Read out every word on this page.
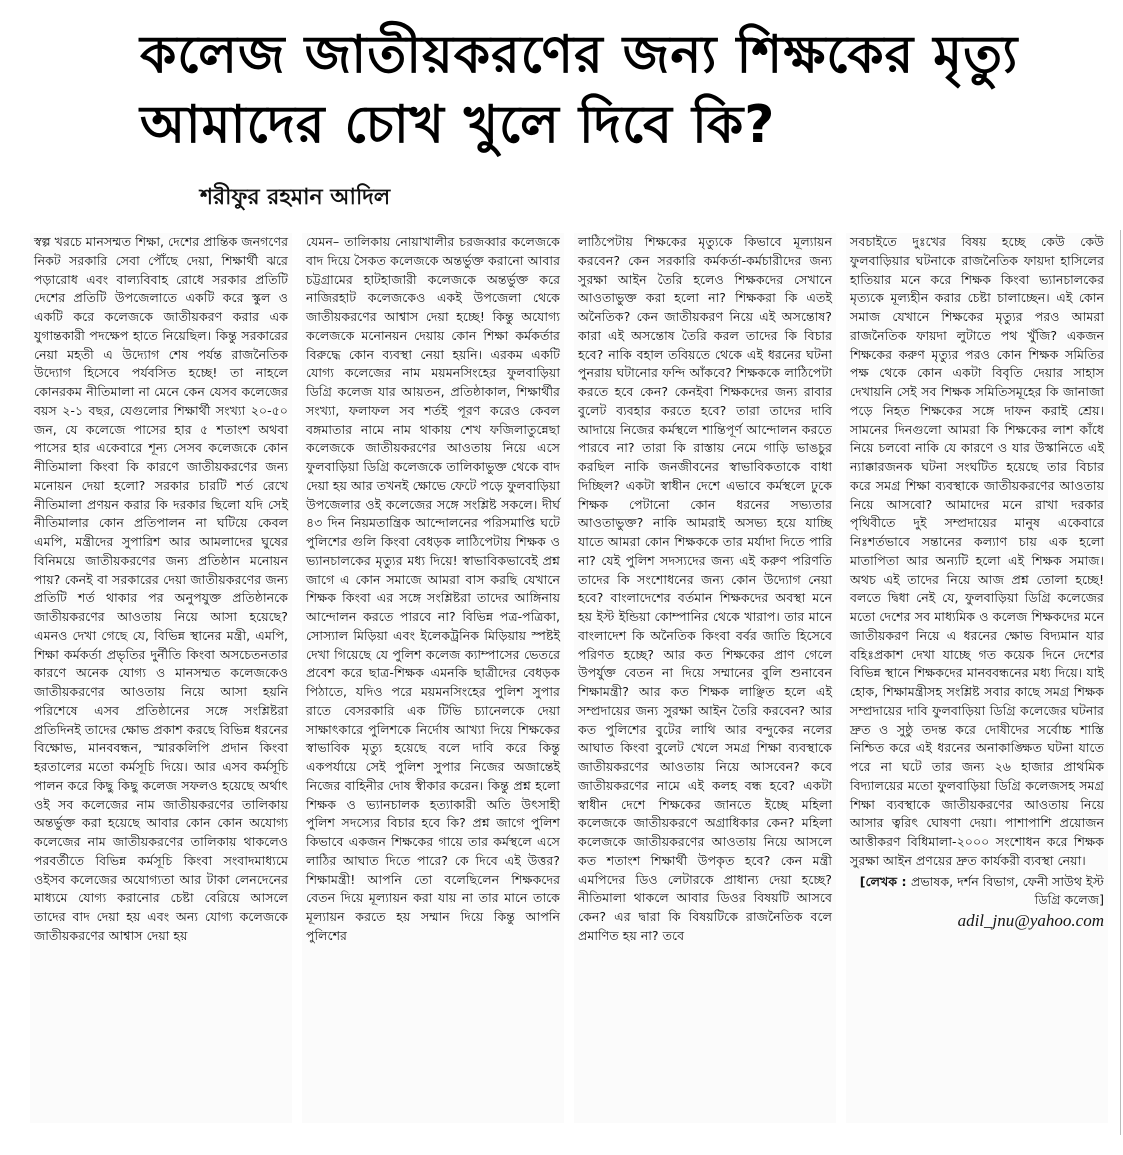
কলেজ জাতীয়করণের জন্য শিক্ষকের মৃত্যু
আমাদের চোখ খুলে দিবে কি?
শরীফুর রহমান আদিল

স্বল্প খরচে মানসম্মত শিক্ষা, দেশের প্রান্তিক জনগণের নিকট সরকারি সেবা পৌঁছে দেয়া, শিক্ষার্থী ঝরে পড়ারোধ এবং বাল্যবিবাহ রোধে সরকার প্রতিটি দেশের প্রতিটি উপজেলাতে একটি করে স্কুল ও একটি করে কলেজকে জাতীয়করণ করার এক যুগান্তকারী পদক্ষেপ হাতে নিয়েছিল। কিন্তু সরকারের নেয়া মহতী এ উদ্যোগ শেষ পর্যন্ত রাজনৈতিক উদ্যোগ হিসেবে পর্যবসিত হচ্ছে! তা নাহলে কোনরকম নীতিমালা না মেনে কেন যেসব কলেজের বয়স ২-১ বছর, যেগুলোর শিক্ষার্থী সংখ্যা ২০-৫০ জন, যে কলেজে পাসের হার ৫ শতাংশ অথবা পাসের হার একেবারে শূন্য সেসব কলেজকে কোন নীতিমালা কিংবা কি কারণে জাতীয়করণের জন্য মনোয়ন দেয়া হলো? সরকার চারটি শর্ত রেখে নীতিমালা প্রণয়ন করার কি দরকার ছিলো যদি সেই নীতিমালার কোন প্রতিপালন না ঘটিয়ে কেবল এমপি, মন্ত্রীদের সুপারিশ আর আমলাদের ঘুষের বিনিময়ে জাতীয়করণের জন্য প্রতিষ্ঠান মনোয়ন পায়? কেনই বা সরকারের দেয়া জাতীয়করণের জন্য প্রতিটি শর্ত থাকার পর অনুপযুক্ত প্রতিষ্ঠানকে জাতীয়করণের আওতায় নিয়ে আসা হয়েছে? এমনও দেখা গেছে যে, বিভিন্ন স্থানের মন্ত্রী, এমপি, শিক্ষা কর্মকর্তা প্রভৃতির দুর্নীতি কিংবা অসচেতনতার কারণে অনেক যোগ্য ও মানসম্মত কলেজকেও জাতীয়করণের আওতায় নিয়ে আসা হয়নি পরিশেষে এসব প্রতিষ্ঠানের সঙ্গে সংশ্লিষ্টরা প্রতিদিনই তাদের ক্ষোভ প্রকাশ করছে বিভিন্ন ধরনের বিক্ষোভ, মানববন্ধন, স্মারকলিপি প্রদান কিংবা হরতালের মতো কর্মসূচি দিয়ে। আর এসব কর্মসূচি পালন করে কিছু কিছু কলেজ সফলও হয়েছে অর্থাৎ ওই সব কলেজের নাম জাতীয়করণের তালিকায় অন্তর্ভুক্ত করা হয়েছে আবার কোন কোন অযোগ্য কলেজের নাম জাতীয়করণের তালিকায় থাকলেও পরবর্তীতে বিভিন্ন কর্মসূচি কিংবা সংবাদমাধ্যমে ওইসব কলেজের অযোগ্যতা আর টাকা লেনদেনের মাধ্যমে যোগ্য করানোর চেষ্টা বেরিয়ে আসলে তাদের বাদ দেয়া হয় এবং অন্য যোগ্য কলেজকে জাতীয়করণের আশ্বাস দেয়া হয়

যেমন– তালিকায় নোয়াখালীর চরজব্বার কলেজকে বাদ দিয়ে সৈকত কলেজকে অন্তর্ভুক্ত করানো আবার চট্টগ্রামের হাটহাজারী কলেজকে অন্তর্ভুক্ত করে নাজিরহাট কলেজকেও একই উপজেলা থেকে জাতীয়করণের আশ্বাস দেয়া হচ্ছে! কিন্তু অযোগ্য কলেজকে মনোনয়ন দেয়ায় কোন শিক্ষা কর্মকর্তার বিরুদ্ধে কোন ব্যবস্থা নেয়া হয়নি। এরকম একটি যোগ্য কলেজের নাম ময়মনসিংহের ফুলবাড়িয়া ডিগ্রি কলেজ যার আয়তন, প্রতিষ্ঠাকাল, শিক্ষার্থীর সংখ্যা, ফলাফল সব শর্তই পূরণ করেও কেবল বঙ্গমাতার নামে নাম থাকায় শেখ ফজিলাতুন্নেছা কলেজকে জাতীয়করণের আওতায় নিয়ে এসে ফুলবাড়িয়া ডিগ্রি কলেজকে তালিকাভুক্ত থেকে বাদ দেয়া হয় আর তখনই ক্ষোভে ফেটে পড়ে ফুলবাড়িয়া উপজেলার ওই কলেজের সঙ্গে সংশ্লিষ্ট সকলে। দীর্ঘ ৪৩ দিন নিয়মতান্ত্রিক আন্দোলনের পরিসমাপ্তি ঘটে পুলিশের গুলি কিংবা বেধড়ক লাঠিপেটায় শিক্ষক ও ভ্যানচালকের মৃত্যুর মধ্য দিয়ে! স্বাভাবিকভাবেই প্রশ্ন জাগে এ কোন সমাজে আমরা বাস করছি যেখানে শিক্ষক কিংবা এর সঙ্গে সংশ্লিষ্টরা তাদের আঙ্গিনায় আন্দোলন করতে পারবে না? বিভিন্ন পত্র-পত্রিকা, সোস্যাল মিড়িয়া এবং ইলেকট্রনিক মিড়িয়ায় স্পষ্টই দেখা গিয়েছে যে পুলিশ কলেজ ক্যাম্পাসের ভেতরে প্রবেশ করে ছাত্র-শিক্ষক এমনকি ছাত্রীদের বেধড়ক পিঠাতে, যদিও পরে ময়মনসিংহের পুলিশ সুপার রাতে বেসরকারি এক টিভি চ্যানেলকে দেয়া সাক্ষাৎকারে পুলিশকে নির্দোষ আখ্যা দিয়ে শিক্ষকের স্বাভাবিক মৃত্যু হয়েছে বলে দাবি করে কিন্তু একপর্যায়ে সেই পুলিশ সুপার নিজের অজান্তেই নিজের বাহিনীর দোষ স্বীকার করেন। কিন্তু প্রশ্ন হলো শিক্ষক ও ভ্যানচালক হত্যাকারী অতি উৎসাহী পুলিশ সদস্যের বিচার হবে কি? প্রশ্ন জাগে পুলিশ কিভাবে একজন শিক্ষকের গায়ে তার কর্মস্থলে এসে লাঠির আঘাত দিতে পারে? কে দিবে এই উত্তর? শিক্ষামন্ত্রী! আপনি তো বলেছিলেন শিক্ষকদের বেতন দিয়ে মূল্যায়ন করা যায় না তার মানে তাকে মূল্যায়ন করতে হয় সম্মান দিয়ে কিন্তু আপনি পুলিশের

লাঠিপেটায় শিক্ষকের মৃত্যুকে কিভাবে মূল্যায়ন করবেন? কেন সরকারি কর্মকর্তা-কর্মচারীদের জন্য সুরক্ষা আইন তৈরি হলেও শিক্ষকদের সেখানে আওতাভুক্ত করা হলো না? শিক্ষকরা কি এতই অনৈতিক? কেন জাতীয়করণ নিয়ে এই অসন্তোষ? কারা এই অসন্তোষ তৈরি করল তাদের কি বিচার হবে? নাকি বহাল তবিয়তে থেকে এই ধরনের ঘটনা পুনরায় ঘটানোর ফন্দি আঁকবে? শিক্ষককে লাঠিপেটা করতে হবে কেন? কেনইবা শিক্ষকদের জন্য রাবার বুলেট ব্যবহার করতে হবে? তারা তাদের দাবি আদায়ে নিজের কর্মস্থলে শান্তিপূর্ণ আন্দোলন করতে পারবে না? তারা কি রাস্তায় নেমে গাড়ি ভাঙচুর করছিল নাকি জনজীবনের স্বাভাবিকতাকে বাধা দিচ্ছিল? একটা স্বাধীন দেশে এভাবে কর্মস্থলে ঢুকে শিক্ষক পেটানো কোন ধরনের সভ্যতার আওতাভুক্ত? নাকি আমরাই অসভ্য হয়ে যাচ্ছি যাতে আমরা কোন শিক্ষককে তার মর্যাদা দিতে পারি না? যেই পুলিশ সদস্যদের জন্য এই করুণ পরিণতি তাদের কি সংশোধনের জন্য কোন উদ্যোগ নেয়া হবে? বাংলাদেশের বর্তমান শিক্ষকদের অবস্থা মনে হয় ইস্ট ইন্ডিয়া কোম্পানির থেকে খারাপ। তার মানে বাংলাদেশ কি অনৈতিক কিংবা বর্বর জাতি হিসেবে পরিণত হচ্ছে? আর কত শিক্ষকের প্রাণ গেলে উপর্যুক্ত বেতন না দিয়ে সম্মানের বুলি শুনাবেন শিক্ষামন্ত্রী? আর কত শিক্ষক লাঞ্ছিত হলে এই সম্প্রদায়ের জন্য সুরক্ষা আইন তৈরি করবেন? আর কত পুলিশের বুটের লাথি আর বন্দুকের নলের আঘাত কিংবা বুলেট খেলে সমগ্র শিক্ষা ব্যবস্থাকে জাতীয়করণের আওতায় নিয়ে আসবেন? কবে জাতীয়করণের নামে এই কলহ বন্ধ হবে? একটা স্বাধীন দেশে শিক্ষকের জানতে ইচ্ছে মহিলা কলেজকে জাতীয়করণে অগ্রাধিকার কেন? মহিলা কলেজকে জাতীয়করণের আওতায় নিয়ে আসলে কত শতাংশ শিক্ষার্থী উপকৃত হবে? কেন মন্ত্রী এমপিদের ডিও লেটারকে প্রাধান্য দেয়া হচ্ছে? নীতিমালা থাকলে আবার ডিওর বিষয়টি আসবে কেন? এর দ্বারা কি বিষয়টিকে রাজনৈতিক বলে প্রমাণিত হয় না? তবে

সবচাইতে দুঃখের বিষয় হচ্ছে কেউ কেউ ফুলবাড়িয়ার ঘটনাকে রাজনৈতিক ফায়দা হাসিলের হাতিয়ার মনে করে শিক্ষক কিংবা ভ্যানচালকের মৃত্যকে মূল্যহীন করার চেষ্টা চালাচ্ছেন। এই কোন সমাজ যেখানে শিক্ষকের মৃত্যুর পরও আমরা রাজনৈতিক ফায়দা লুটাতে পথ খুঁজি? একজন শিক্ষকের করুণ মৃত্যুর পরও কোন শিক্ষক সমিতির পক্ষ থেকে কোন একটা বিবৃতি দেয়ার সাহাস দেখায়নি সেই সব শিক্ষক সমিতিসমূহের কি জানাজা পড়ে নিহত শিক্ষকের সঙ্গে দাফন করাই শ্রেয়। সামনের দিনগুলো আমরা কি শিক্ষকের লাশ কাঁধে নিয়ে চলবো নাকি যে কারণে ও যার উস্কানিতে এই ন্যাক্কারজনক ঘটনা সংঘটিত হয়েছে তার বিচার করে সমগ্র শিক্ষা ব্যবস্থাকে জাতীয়করণের আওতায় নিয়ে আসবো? আমাদের মনে রাখা দরকার পৃথিবীতে দুই সম্প্রদায়ের মানুষ একেবারে নিঃশর্তভাবে সন্তানের কল্যাণ চায় এক হলো মাতাপিতা আর অন্যটি হলো এই শিক্ষক সমাজ। অথচ এই তাদের নিয়ে আজ প্রশ্ন তোলা হচ্ছে! বলতে দ্বিধা নেই যে, ফুলবাড়িয়া ডিগ্রি কলেজের মতো দেশের সব মাধ্যমিক ও কলেজ শিক্ষকদের মনে জাতীয়করণ নিয়ে এ ধরনের ক্ষোভ বিদ্যমান যার বহিঃপ্রকাশ দেখা যাচ্ছে গত কয়েক দিনে দেশের বিভিন্ন স্থানে শিক্ষকদের মানববন্ধনের মধ্য দিয়ে। যাই হোক, শিক্ষামন্ত্রীসহ সংশ্লিষ্ট সবার কাছে সমগ্র শিক্ষক সম্প্রদায়ের দাবি ফুলবাড়িয়া ডিগ্রি কলেজের ঘটনার দ্রুত ও সুষ্ঠু তদন্ত করে দোষীদের সর্বোচ্চ শাস্তি নিশ্চিত করে এই ধরনের অনাকাঙ্ক্ষিত ঘটনা যাতে পরে না ঘটে তার জন্য ২৬ হাজার প্রাথমিক বিদ্যালয়ের মতো ফুলবাড়িয়া ডিগ্রি কলেজসহ সমগ্র শিক্ষা ব্যবস্থাকে জাতীয়করণের আওতায় নিয়ে আসার ত্বরিৎ ঘোষণা দেয়া। পাশাপাশি প্রয়োজন আত্তীকরণ বিধিমালা-২০০০ সংশোধন করে শিক্ষক সুরক্ষা আইন প্রণয়ের দ্রুত কার্যকরী ব্যবস্থা নেয়া।

[লেখক : প্রভাষক, দর্শন বিভাগ, ফেনী সাউথ ইস্ট ডিগ্রি কলেজ]
adil_jnu@yahoo.com
